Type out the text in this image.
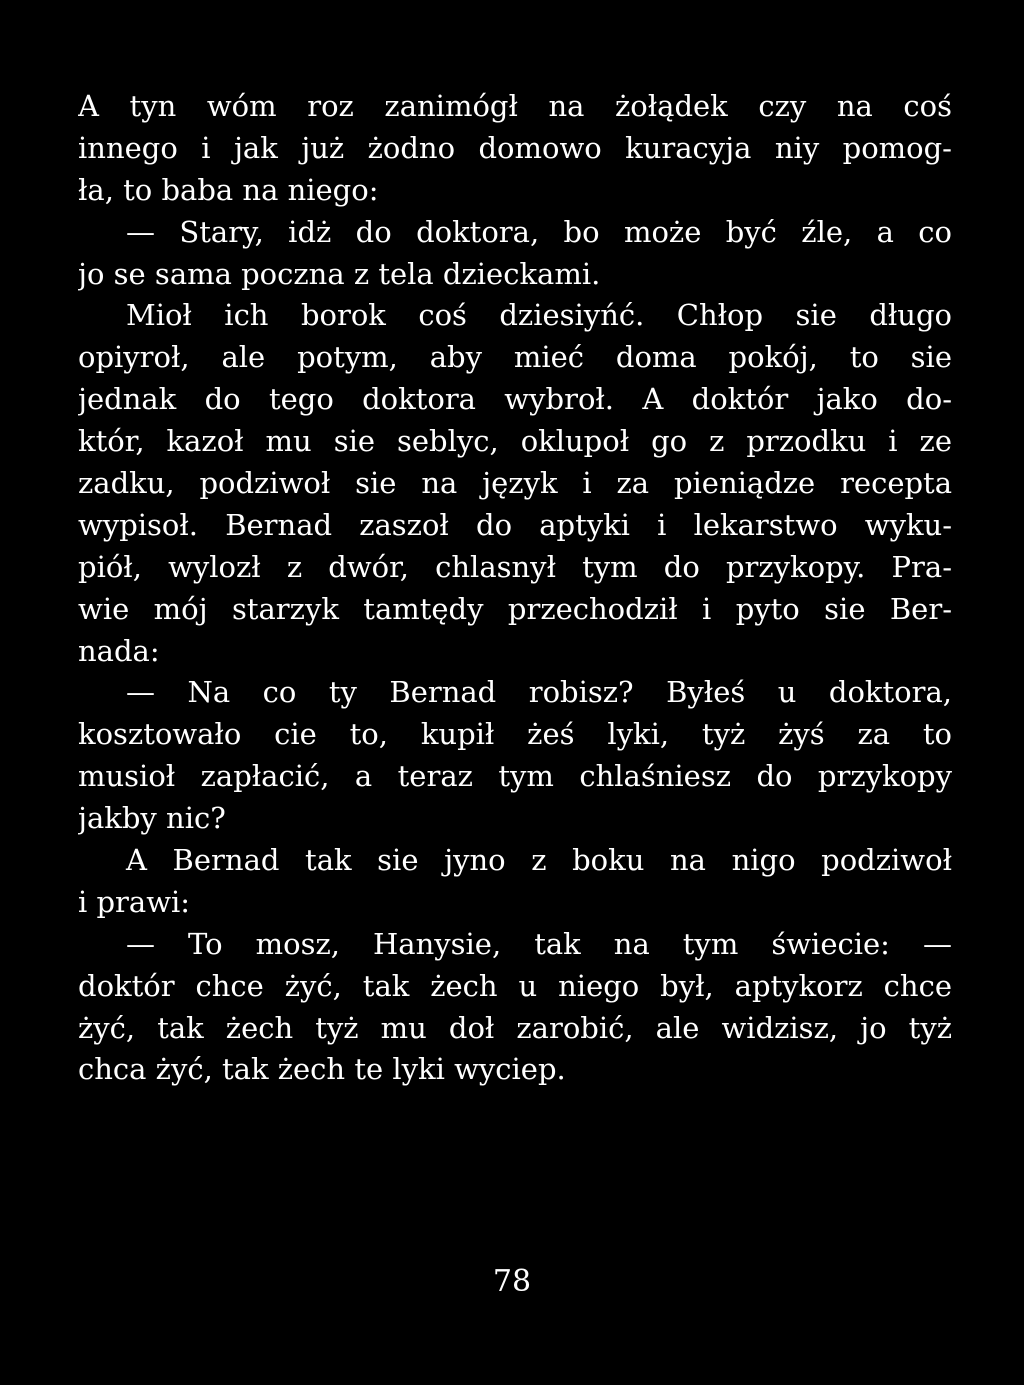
A tyn wóm roz zanimógł na żołądek czy na coś
innego i jak już żodno domowo kuracyja niy pomog-
ła, to baba na niego:
— Stary, idż do doktora, bo może być źle, a co
jo se sama poczna z tela dzieckami.
Mioł ich borok coś dziesiyńć. Chłop sie długo
opiyroł, ale potym, aby mieć doma pokój, to sie
jednak do tego doktora wybroł. A doktór jako do-
któr, kazoł mu sie seblyc, oklupoł go z przodku i ze
zadku, podziwoł sie na język i za pieniądze recepta
wypisoł. Bernad zaszoł do aptyki i lekarstwo wyku-
piół, wylozł z dwór, chlasnył tym do przykopy. Pra-
wie mój starzyk tamtędy przechodził i pyto sie Ber-
nada:
— Na co ty Bernad robisz? Byłeś u doktora,
kosztowało cie to, kupił żeś lyki, tyż żyś za to
musioł zapłacić, a teraz tym chlaśniesz do przykopy
jakby nic?
A Bernad tak sie jyno z boku na nigo podziwoł
i prawi:
— To mosz, Hanysie, tak na tym świecie: —
doktór chce żyć, tak żech u niego był, aptykorz chce
żyć, tak żech tyż mu doł zarobić, ale widzisz, jo tyż
chca żyć, tak żech te lyki wyciep.
78
